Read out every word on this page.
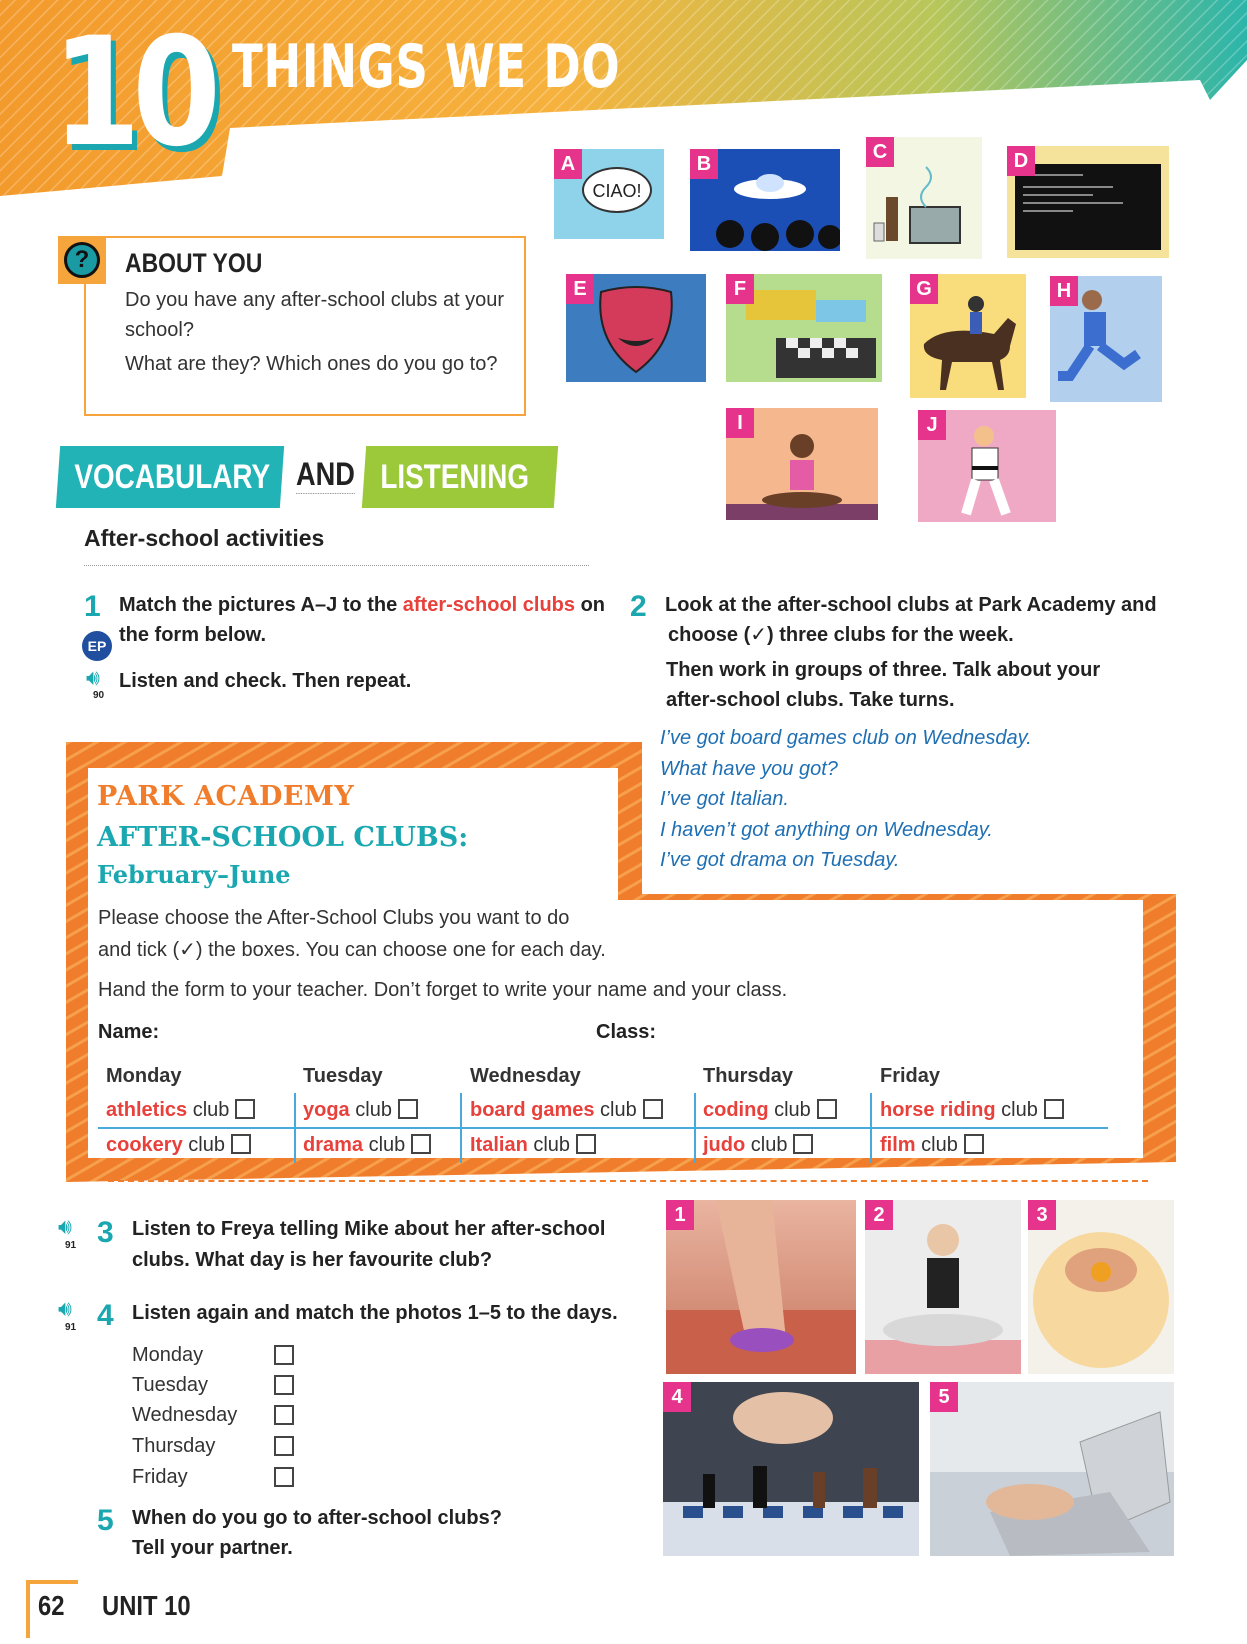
10 THINGS WE DO
?	ABOUT YOU
Do you have any after-school clubs at your
school?
What are they? Which ones do you go to?
A
CIAO!
B
C	D
E	F	G	H
I	J
VOCABULARY AND LISTENING
After-school activities
1 Match the pictures A–J to the after-school clubs on
the form below.
EP
🔊︎
90
Listen and check. Then repeat.
2 Look at the after-school clubs at Park Academy and
choose (✓) three clubs for the week.
Then work in groups of three. Talk about your
after-school clubs. Take turns.
I’ve got board games club on Wednesday.
What have you got?
I’ve got Italian.
I haven’t got anything on Wednesday.
I’ve got drama on Tuesday.
PARK ACADEMY
AFTER-SCHOOL CLUBS:
February–June
Please choose the After-School Clubs you want to do
and tick (✓) the boxes. You can choose one for each day.
Hand the form to your teacher. Don’t forget to write your name and your class.
Name:	Class:
Monday	Tuesday	Wednesday	Thursday	Friday
athletics club	yoga club	board games club	coding club	horse riding club
cookery club	drama club	Italian club	judo club	film club
🔊︎
91 3 Listen to Freya telling Mike about her after-school
clubs. What day is her favourite club?
🔊︎
91 4 Listen again and match the photos 1–5 to the days.
Monday
Tuesday
Wednesday
Thursday
Friday
5 When do you go to after-school clubs?
Tell your partner.
1	2	3
4	5
62 UNIT 10
